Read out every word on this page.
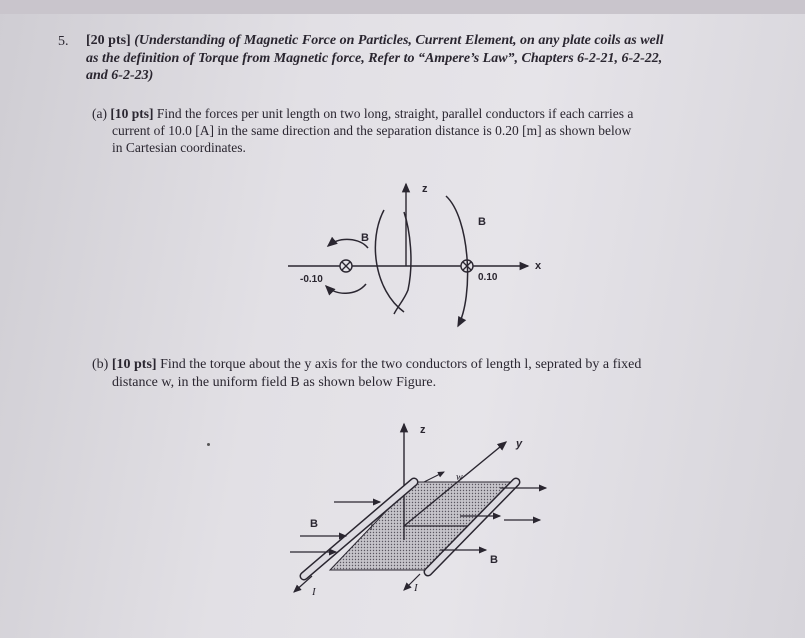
5. [20 pts] (Understanding of Magnetic Force on Particles, Current Element, on any plate coils as well
as the definition of Torque from Magnetic force, Refer to “Ampere’s Law”, Chapters 6-2-21, 6-2-22,
and 6-2-23)
(a) [10 pts] Find the forces per unit length on two long, straight, parallel conductors if each carries a
current of 10.0 [A] in the same direction and the separation distance is 0.20 [m] as shown below
in Cartesian coordinates.
z
x
B
B
-0.10	0.10
(b) [10 pts] Find the torque about the y axis for the two conductors of length l, seprated by a fixed
distance w, in the uniform field B as shown below Figure.
z
y
w
l
B
B
I	I
